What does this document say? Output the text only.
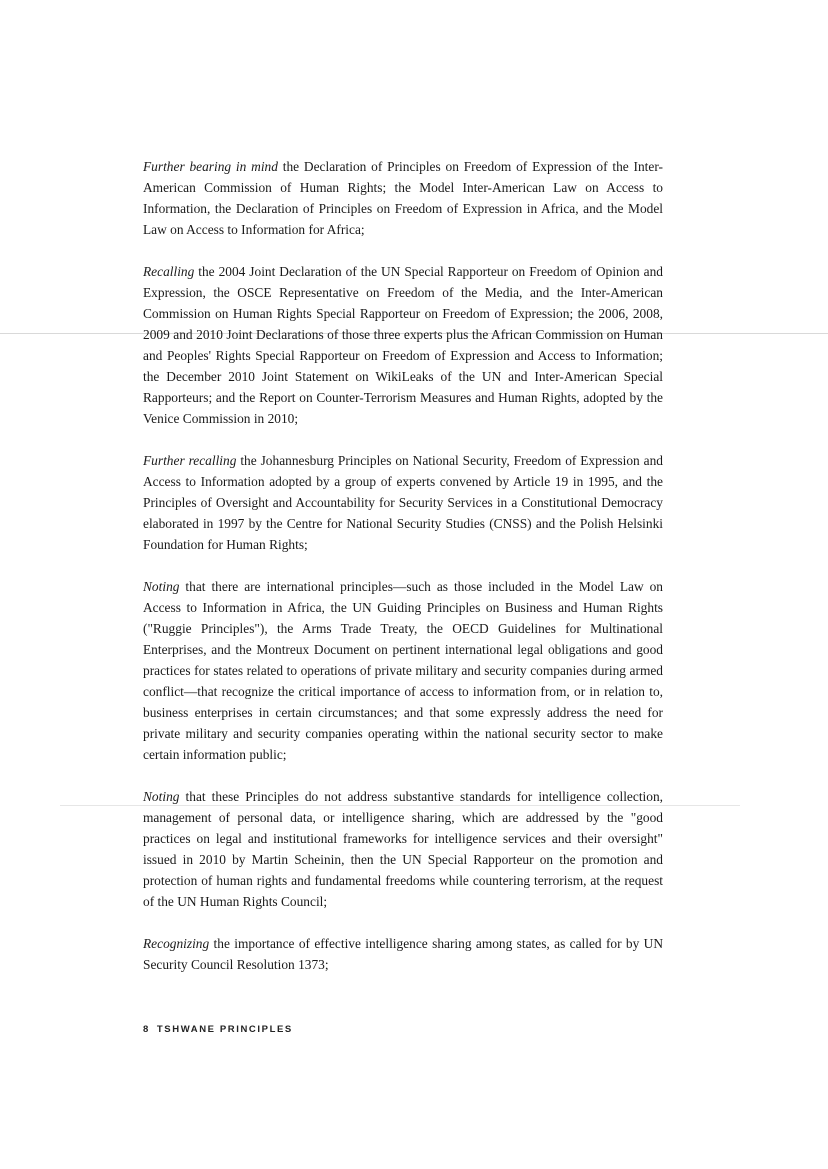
Further bearing in mind the Declaration of Principles on Freedom of Expression of the Inter-American Commission of Human Rights; the Model Inter-American Law on Access to Information, the Declaration of Principles on Freedom of Expression in Africa, and the Model Law on Access to Information for Africa;

Recalling the 2004 Joint Declaration of the UN Special Rapporteur on Freedom of Opinion and Expression, the OSCE Representative on Freedom of the Media, and the Inter-American Commission on Human Rights Special Rapporteur on Freedom of Expression; the 2006, 2008, 2009 and 2010 Joint Declarations of those three experts plus the African Commission on Human and Peoples' Rights Special Rapporteur on Freedom of Expression and Access to Information; the December 2010 Joint Statement on WikiLeaks of the UN and Inter-American Special Rapporteurs; and the Report on Counter-Terrorism Measures and Human Rights, adopted by the Venice Commission in 2010;

Further recalling the Johannesburg Principles on National Security, Freedom of Expression and Access to Information adopted by a group of experts convened by Article 19 in 1995, and the Principles of Oversight and Accountability for Security Services in a Constitutional Democracy elaborated in 1997 by the Centre for National Security Studies (CNSS) and the Polish Helsinki Foundation for Human Rights;

Noting that there are international principles—such as those included in the Model Law on Access to Information in Africa, the UN Guiding Principles on Business and Human Rights ("Ruggie Principles"), the Arms Trade Treaty, the OECD Guidelines for Multinational Enterprises, and the Montreux Document on pertinent international legal obligations and good practices for states related to operations of private military and security companies during armed conflict—that recognize the critical importance of access to information from, or in relation to, business enterprises in certain circumstances; and that some expressly address the need for private military and security companies operating within the national security sector to make certain information public;

Noting that these Principles do not address substantive standards for intelligence collection, management of personal data, or intelligence sharing, which are addressed by the "good practices on legal and institutional frameworks for intelligence services and their oversight" issued in 2010 by Martin Scheinin, then the UN Special Rapporteur on the promotion and protection of human rights and fundamental freedoms while countering terrorism, at the request of the UN Human Rights Council;

Recognizing the importance of effective intelligence sharing among states, as called for by UN Security Council Resolution 1373;

8 TSHWANE PRINCIPLES
